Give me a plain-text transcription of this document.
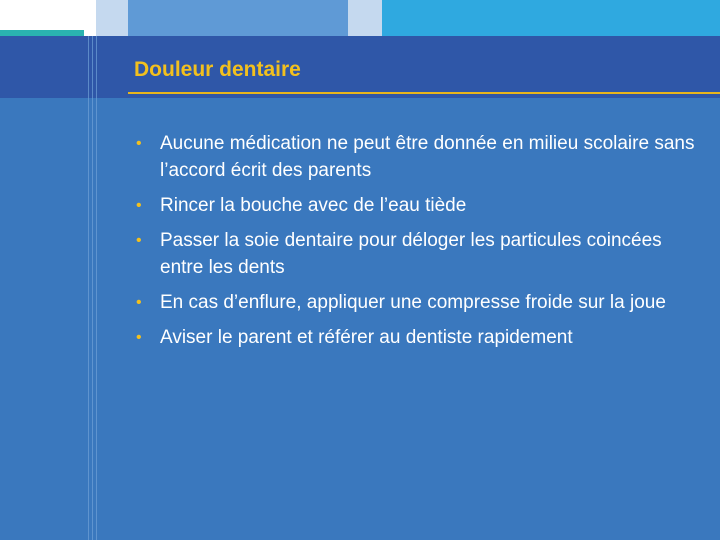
Douleur dentaire
• Aucune médication ne peut être donnée en milieu scolaire sans l’accord écrit des parents
• Rincer la bouche avec de l’eau tiède
• Passer la soie dentaire pour déloger les particules coincées entre les dents
• En cas d’enflure, appliquer une compresse froide sur la joue
• Aviser le parent et référer au dentiste rapidement
